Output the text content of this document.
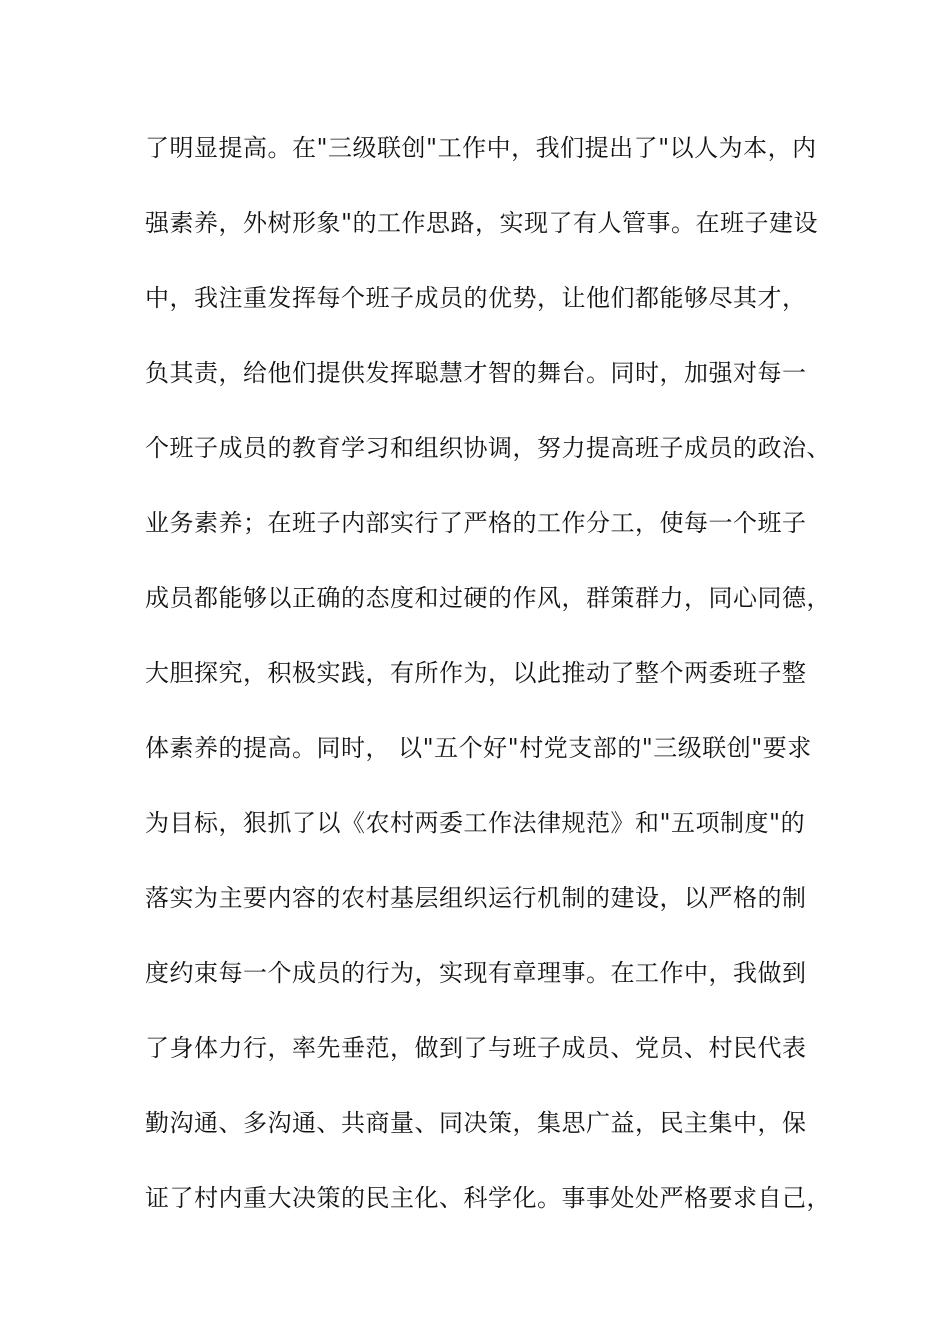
了明显提高。在"三级联创"工作中，我们提出了"以人为本，内
强素养，外树形象"的工作思路，实现了有人管事。在班子建设
中，我注重发挥每个班子成员的优势，让他们都能够尽其才，
负其责，给他们提供发挥聪慧才智的舞台。同时，加强对每一
个班子成员的教育学习和组织协调，努力提高班子成员的政治、
业务素养；在班子内部实行了严格的工作分工，使每一个班子
成员都能够以正确的态度和过硬的作风，群策群力，同心同德，
大胆探究，积极实践，有所作为，以此推动了整个两委班子整
体素养的提高。同时， 以"五个好"村党支部的"三级联创"要求
为目标，狠抓了以《农村两委工作法律规范》和"五项制度"的
落实为主要内容的农村基层组织运行机制的建设，以严格的制
度约束每一个成员的行为，实现有章理事。在工作中，我做到
了身体力行，率先垂范，做到了与班子成员、党员、村民代表
勤沟通、多沟通、共商量、同决策，集思广益，民主集中，保
证了村内重大决策的民主化、科学化。事事处处严格要求自己，
